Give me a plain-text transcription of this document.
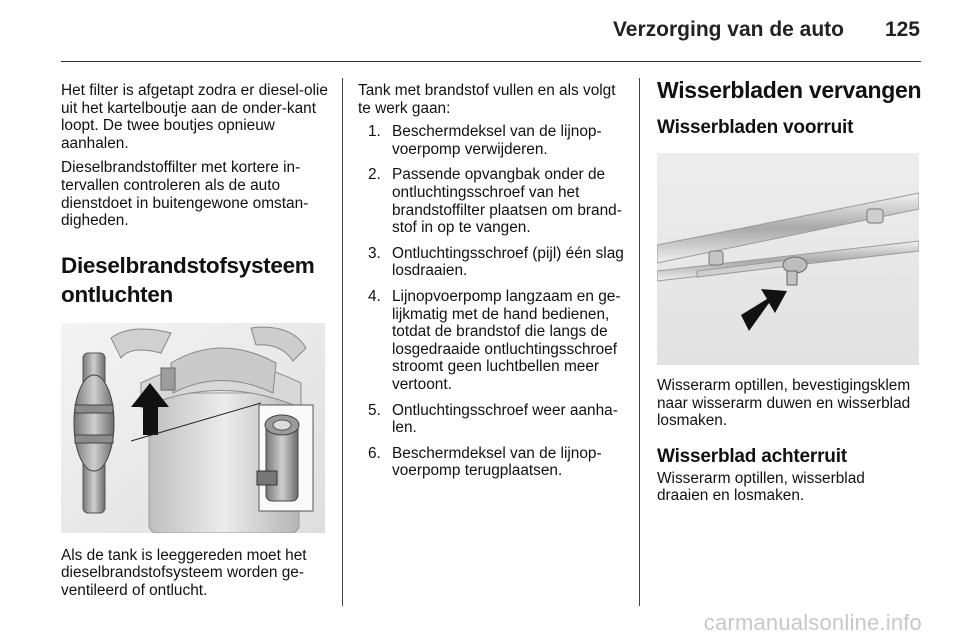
Verzorging van de auto	125

Het filter is afgetapt zodra er diesel-olie uit het kartelboutje aan de onder-kant loopt. De twee boutjes opnieuw aanhalen.

Dieselbrandstoffilter met kortere in-tervallen controleren als de auto dienstdoet in buitengewone omstan-digheden.

Dieselbrandstofsysteem ontluchten

Als de tank is leeggereden moet het dieselbrandstofsysteem worden ge-ventileerd of ontlucht.

Tank met brandstof vullen en als volgt te werk gaan:

1. Beschermdeksel van de lijnop-voerpomp verwijderen.
2. Passende opvangbak onder de ontluchtingsschroef van het brandstoffilter plaatsen om brand-stof in op te vangen.
3. Ontluchtingsschroef (pijl) één slag losdraaien.
4. Lijnopvoerpomp langzaam en ge-lijkmatig met de hand bedienen, totdat de brandstof die langs de losgedraaide ontluchtingsschroef stroomt geen luchtbellen meer vertoont.
5. Ontluchtingsschroef weer aanha-len.
6. Beschermdeksel van de lijnop-voerpomp terugplaatsen.
Wisserbladen vervangen
Wisserbladen voorruit

Wisserarm optillen, bevestigingsklem naar wisserarm duwen en wisserblad losmaken.

Wisserblad achterruit

Wisserarm optillen, wisserblad draaien en losmaken.

carmanualsonline.info
